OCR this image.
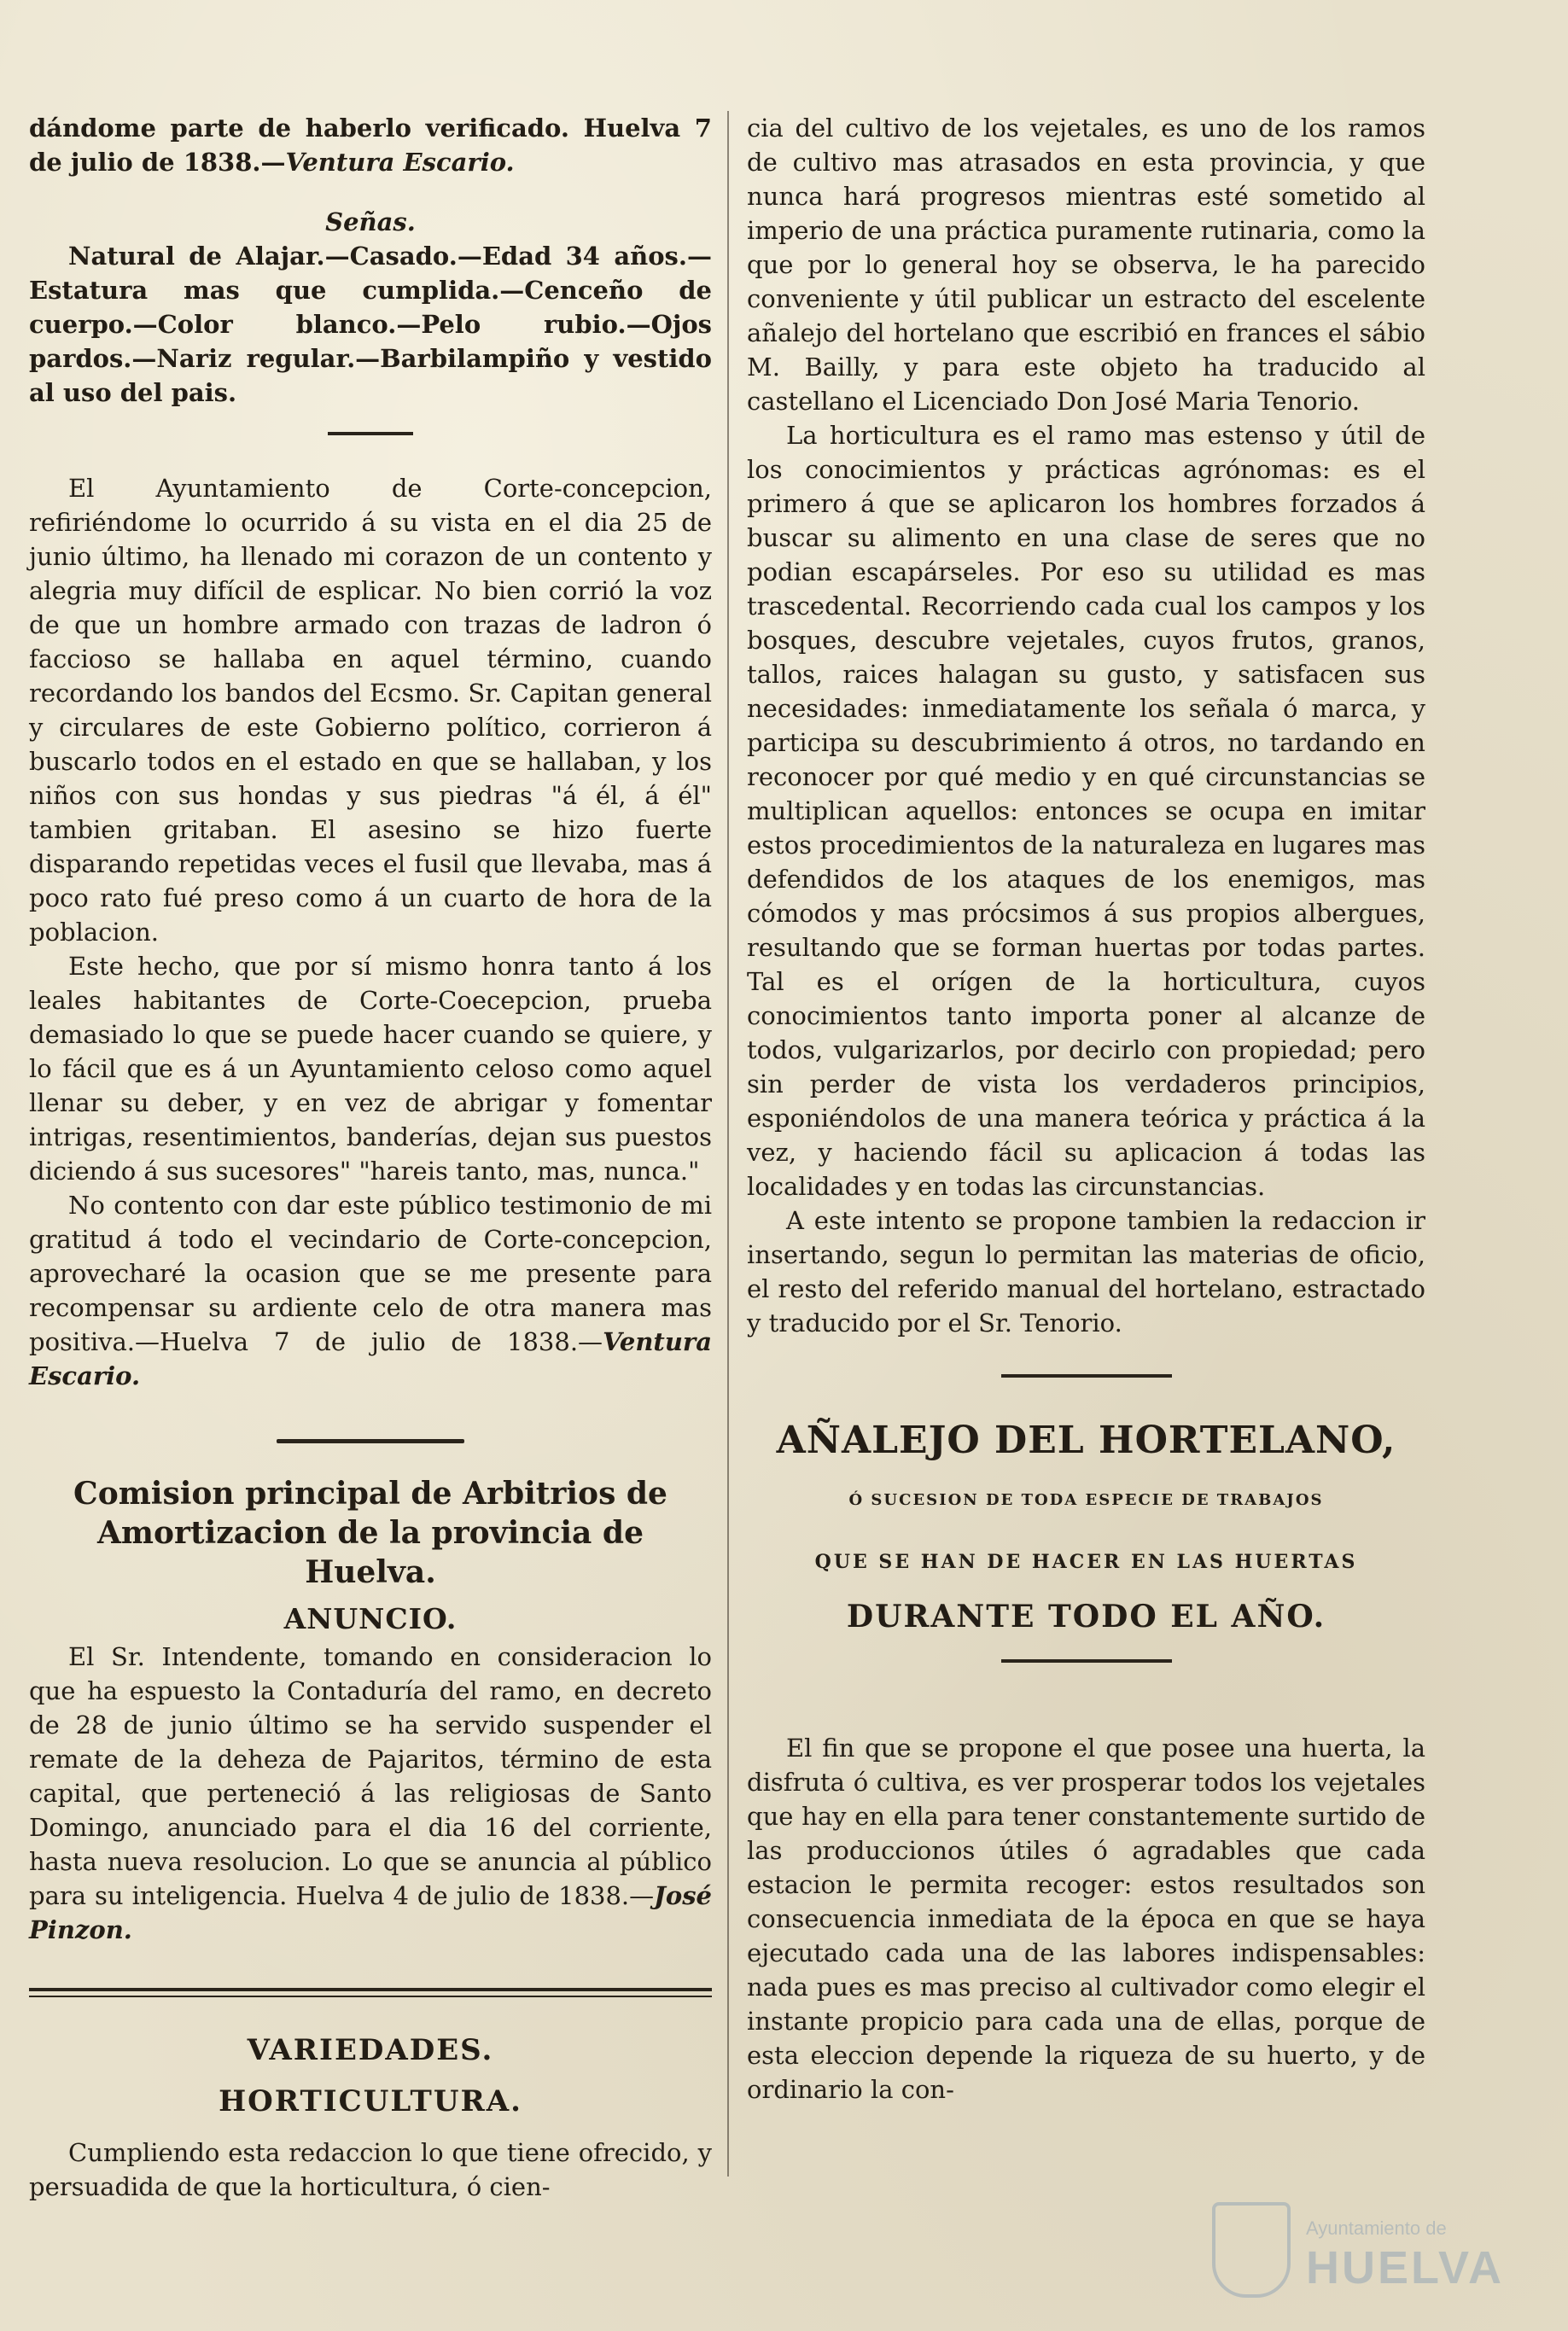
dándome parte de haberlo verificado. Huelva 7 de julio de 1838.—Ventura Escario.

Señas.

Natural de Alajar.—Casado.—Edad 34 años.—Estatura mas que cumplida.—Cenceño de cuerpo.—Color blanco.—Pelo rubio.—Ojos pardos.—Nariz regular.—Barbilampiño y vestido al uso del pais.

El Ayuntamiento de Corte-concepcion, refiriéndome lo ocurrido á su vista en el dia 25 de junio último, ha llenado mi corazon de un contento y alegria muy difícil de esplicar. No bien corrió la voz de que un hombre armado con trazas de ladron ó faccioso se hallaba en aquel término, cuando recordando los bandos del Ecsmo. Sr. Capitan general y circulares de este Gobierno político, corrieron á buscarlo todos en el estado en que se hallaban, y los niños con sus hondas y sus piedras "á él, á él" tambien gritaban. El asesino se hizo fuerte disparando repetidas veces el fusil que llevaba, mas á poco rato fué preso como á un cuarto de hora de la poblacion.

Este hecho, que por sí mismo honra tanto á los leales habitantes de Corte-Coecepcion, prueba demasiado lo que se puede hacer cuando se quiere, y lo fácil que es á un Ayuntamiento celoso como aquel llenar su deber, y en vez de abrigar y fomentar intrigas, resentimientos, banderías, dejan sus puestos diciendo á sus sucesores" "hareis tanto, mas, nunca."

No contento con dar este público testimonio de mi gratitud á todo el vecindario de Corte-concepcion, aprovecharé la ocasion que se me presente para recompensar su ardiente celo de otra manera mas positiva.—Huelva 7 de julio de 1838.—Ventura Escario.

Comision principal de Arbitrios de Amortizacion de la provincia de Huelva.

ANUNCIO.

El Sr. Intendente, tomando en consideracion lo que ha espuesto la Contaduría del ramo, en decreto de 28 de junio último se ha servido suspender el remate de la deheza de Pajaritos, término de esta capital, que perteneció á las religiosas de Santo Domingo, anunciado para el dia 16 del corriente, hasta nueva resolucion. Lo que se anuncia al público para su inteligencia. Huelva 4 de julio de 1838.—José Pinzon.

VARIEDADES.

HORTICULTURA.

Cumpliendo esta redaccion lo que tiene ofrecido, y persuadida de que la horticultura, ó cien-

cia del cultivo de los vejetales, es uno de los ramos de cultivo mas atrasados en esta provincia, y que nunca hará progresos mientras esté sometido al imperio de una práctica puramente rutinaria, como la que por lo general hoy se observa, le ha parecido conveniente y útil publicar un estracto del escelente añalejo del hortelano que escribió en frances el sábio M. Bailly, y para este objeto ha traducido al castellano el Licenciado Don José Maria Tenorio.

La horticultura es el ramo mas estenso y útil de los conocimientos y prácticas agrónomas: es el primero á que se aplicaron los hombres forzados á buscar su alimento en una clase de seres que no podian escapárseles. Por eso su utilidad es mas trascedental. Recorriendo cada cual los campos y los bosques, descubre vejetales, cuyos frutos, granos, tallos, raices halagan su gusto, y satisfacen sus necesidades: inmediatamente los señala ó marca, y participa su descubrimiento á otros, no tardando en reconocer por qué medio y en qué circunstancias se multiplican aquellos: entonces se ocupa en imitar estos procedimientos de la naturaleza en lugares mas defendidos de los ataques de los enemigos, mas cómodos y mas prócsimos á sus propios albergues, resultando que se forman huertas por todas partes. Tal es el orígen de la horticultura, cuyos conocimientos tanto importa poner al alcanze de todos, vulgarizarlos, por decirlo con propiedad; pero sin perder de vista los verdaderos principios, esponiéndolos de una manera teórica y práctica á la vez, y haciendo fácil su aplicacion á todas las localidades y en todas las circunstancias.

A este intento se propone tambien la redaccion ir insertando, segun lo permitan las materias de oficio, el resto del referido manual del hortelano, estractado y traducido por el Sr. Tenorio.

AÑALEJO DEL HORTELANO,

Ó SUCESION DE TODA ESPECIE DE TRABAJOS

QUE SE HAN DE HACER EN LAS HUERTAS

DURANTE TODO EL AÑO.

El fin que se propone el que posee una huerta, la disfruta ó cultiva, es ver prosperar todos los vejetales que hay en ella para tener constantemente surtido de las produccionos útiles ó agradables que cada estacion le permita recoger: estos resultados son consecuencia inmediata de la época en que se haya ejecutado cada una de las labores indispensables: nada pues es mas preciso al cultivador como elegir el instante propicio para cada una de ellas, porque de esta eleccion depende la riqueza de su huerto, y de ordinario la con-

Ayuntamiento de
HUELVA
